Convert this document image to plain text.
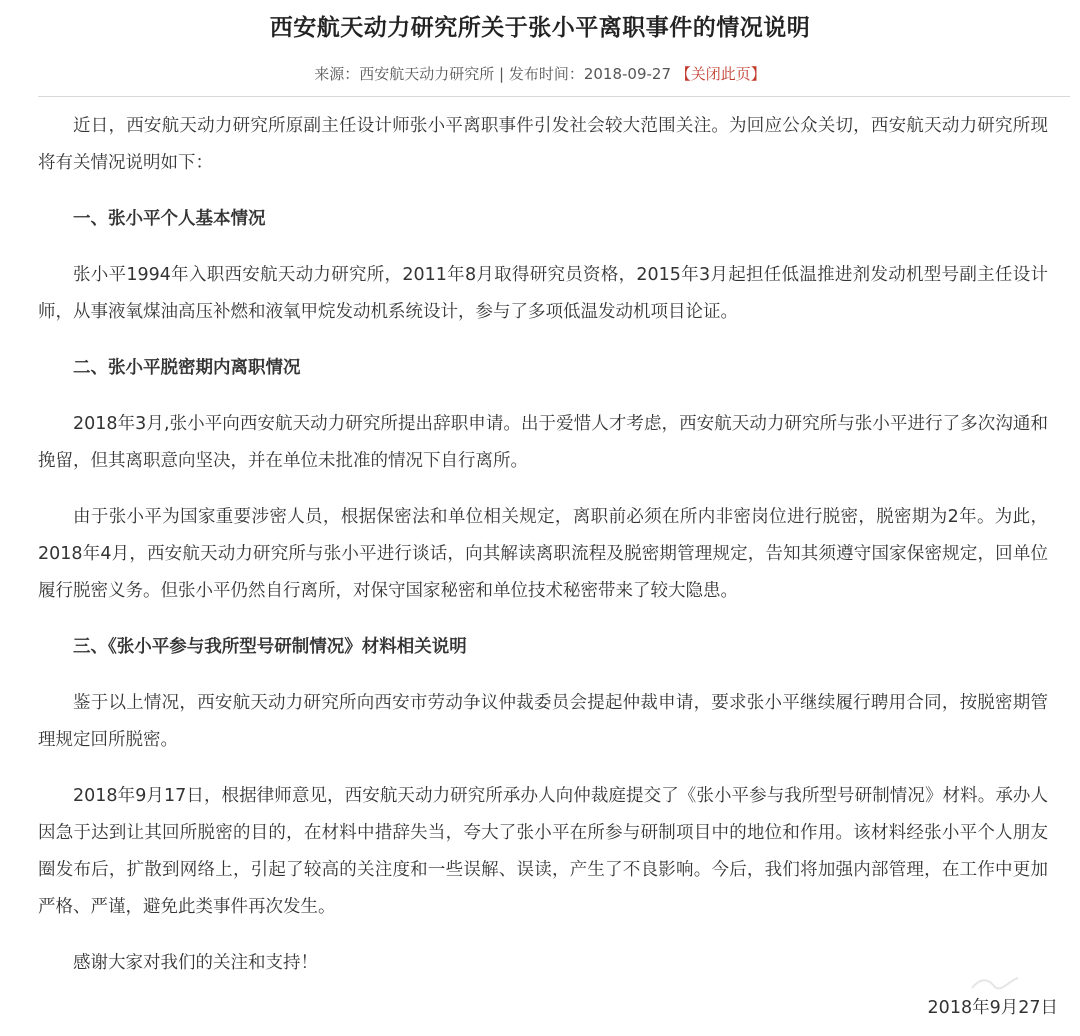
西安航天动力研究所关于张小平离职事件的情况说明
来源：西安航天动力研究所 | 发布时间：2018-09-27 【关闭此页】

近日，西安航天动力研究所原副主任设计师张小平离职事件引发社会较大范围关注。为回应公众关切，西安航天动力研究所现将有关情况说明如下：

一、张小平个人基本情况

张小平1994年入职西安航天动力研究所，2011年8月取得研究员资格，2015年3月起担任低温推进剂发动机型号副主任设计师，从事液氧煤油高压补燃和液氧甲烷发动机系统设计，参与了多项低温发动机项目论证。

二、张小平脱密期内离职情况

2018年3月,张小平向西安航天动力研究所提出辞职申请。出于爱惜人才考虑，西安航天动力研究所与张小平进行了多次沟通和挽留，但其离职意向坚决，并在单位未批准的情况下自行离所。

由于张小平为国家重要涉密人员，根据保密法和单位相关规定，离职前必须在所内非密岗位进行脱密，脱密期为2年。为此，2018年4月，西安航天动力研究所与张小平进行谈话，向其解读离职流程及脱密期管理规定，告知其须遵守国家保密规定，回单位履行脱密义务。但张小平仍然自行离所，对保守国家秘密和单位技术秘密带来了较大隐患。

三、《张小平参与我所型号研制情况》材料相关说明

鉴于以上情况，西安航天动力研究所向西安市劳动争议仲裁委员会提起仲裁申请，要求张小平继续履行聘用合同，按脱密期管理规定回所脱密。

2018年9月17日，根据律师意见，西安航天动力研究所承办人向仲裁庭提交了《张小平参与我所型号研制情况》材料。承办人因急于达到让其回所脱密的目的，在材料中措辞失当，夸大了张小平在所参与研制项目中的地位和作用。该材料经张小平个人朋友圈发布后，扩散到网络上，引起了较高的关注度和一些误解、误读，产生了不良影响。今后，我们将加强内部管理，在工作中更加严格、严谨，避免此类事件再次发生。

感谢大家对我们的关注和支持！

2018年9月27日
